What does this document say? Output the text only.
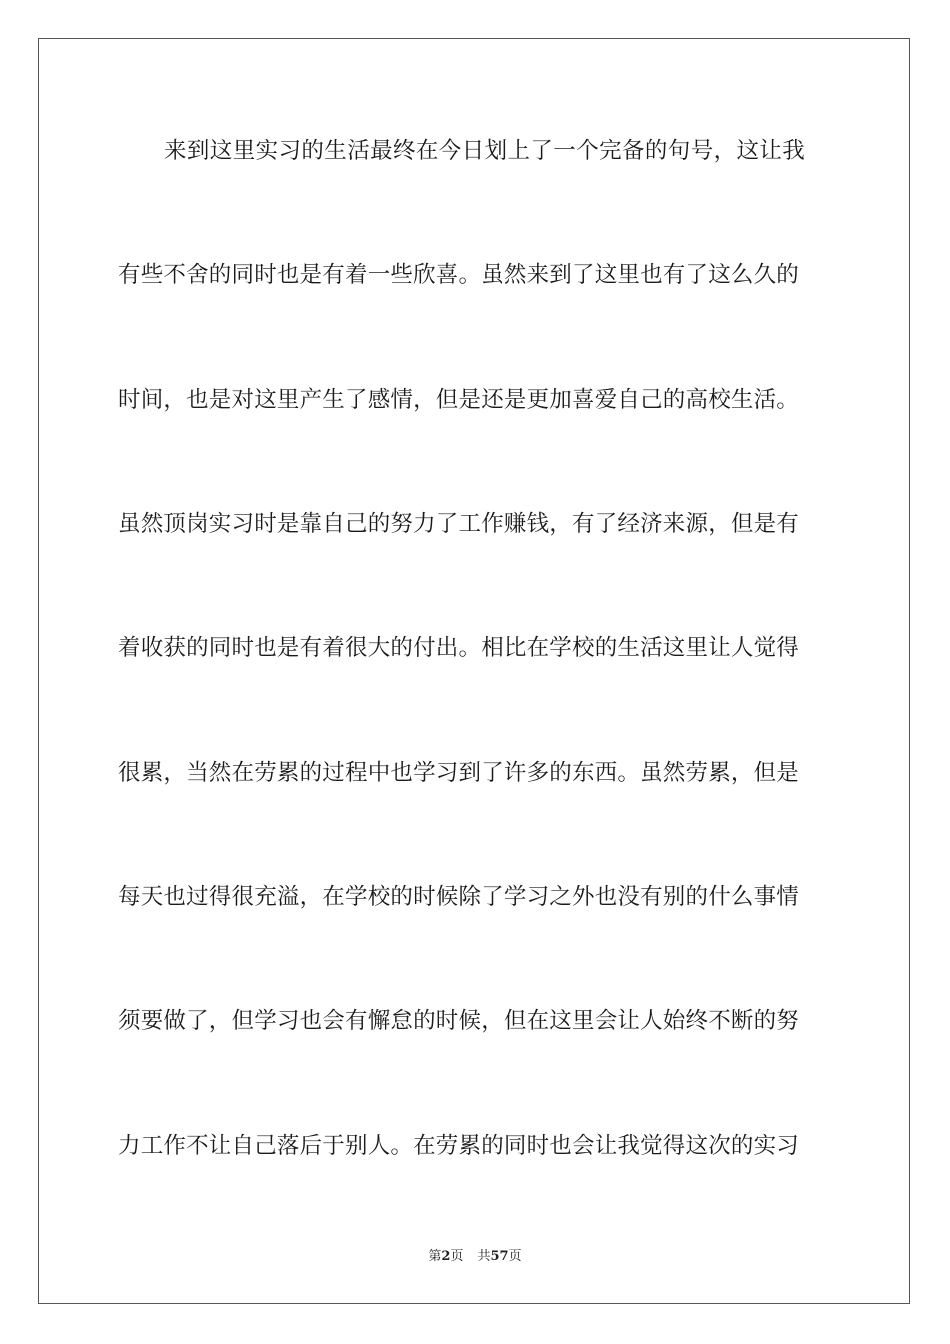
来到这里实习的生活最终在今日划上了一个完备的句号，这让我
有些不舍的同时也是有着一些欣喜。虽然来到了这里也有了这么久的
时间，也是对这里产生了感情，但是还是更加喜爱自己的高校生活。
虽然顶岗实习时是靠自己的努力了工作赚钱，有了经济来源，但是有
着收获的同时也是有着很大的付出。相比在学校的生活这里让人觉得
很累，当然在劳累的过程中也学习到了许多的东西。虽然劳累，但是
每天也过得很充溢，在学校的时候除了学习之外也没有别的什么事情
须要做了，但学习也会有懈怠的时候，但在这里会让人始终不断的努
力工作不让自己落后于别人。在劳累的同时也会让我觉得这次的实习
第2页 共57页
